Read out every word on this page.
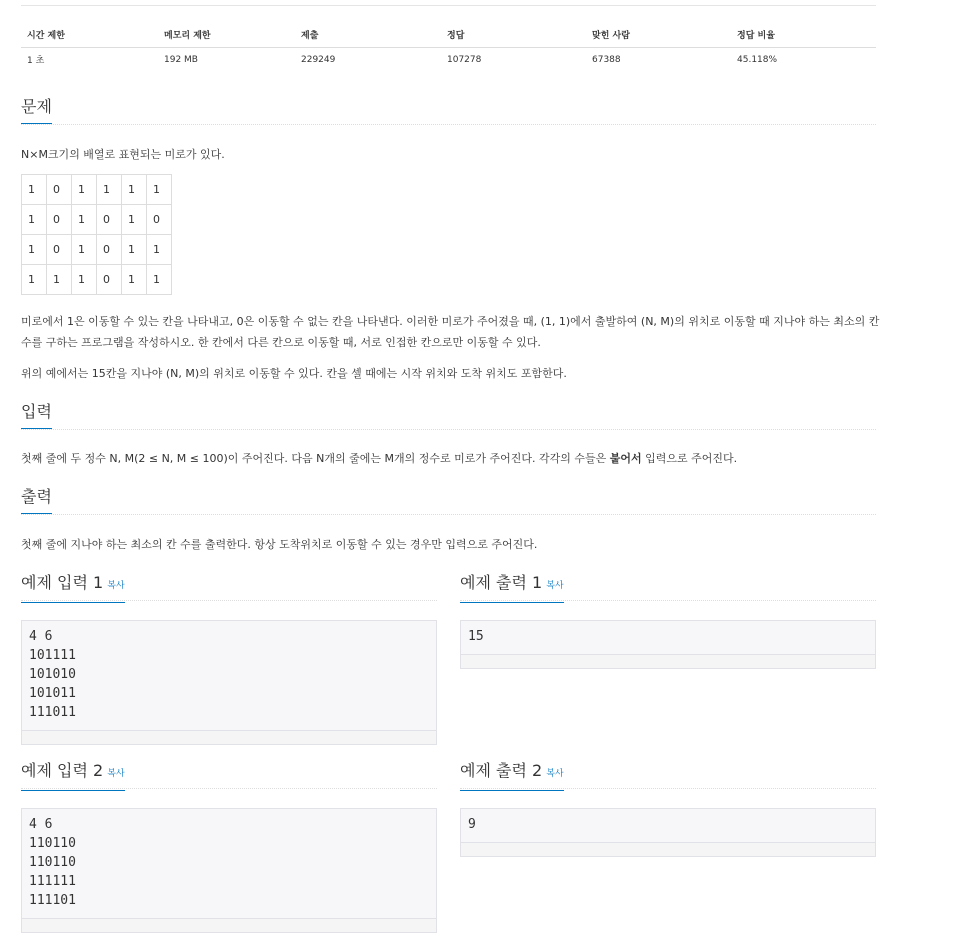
시간 제한	메모리 제한	제출	정답	맞힌 사람	정답 비율
1 초	192 MB	229249	107278	67388	45.118%
문제
N×M크기의 배열로 표현되는 미로가 있다.
1	0	1	1	1	1
1	0	1	0	1	0
1	0	1	0	1	1
1	1	1	0	1	1
미로에서 1은 이동할 수 있는 칸을 나타내고, 0은 이동할 수 없는 칸을 나타낸다. 이러한 미로가 주어졌을 때, (1, 1)에서 출발하여 (N, M)의 위치로 이동할 때 지나야 하는 최소의 칸 수를 구하는 프로그램을 작성하시오. 한 칸에서 다른 칸으로 이동할 때, 서로 인접한 칸으로만 이동할 수 있다.
위의 예에서는 15칸을 지나야 (N, M)의 위치로 이동할 수 있다. 칸을 셀 때에는 시작 위치와 도착 위치도 포함한다.
입력
첫째 줄에 두 정수 N, M(2 ≤ N, M ≤ 100)이 주어진다. 다음 N개의 줄에는 M개의 정수로 미로가 주어진다. 각각의 수들은 붙어서 입력으로 주어진다.
출력
첫째 줄에 지나야 하는 최소의 칸 수를 출력한다. 항상 도착위치로 이동할 수 있는 경우만 입력으로 주어진다.
예제 입력 1 복사	예제 출력 1 복사
4 6
101111
101010
101011
111011
15
예제 입력 2 복사	예제 출력 2 복사
4 6
110110
110110
111111
111101
9
